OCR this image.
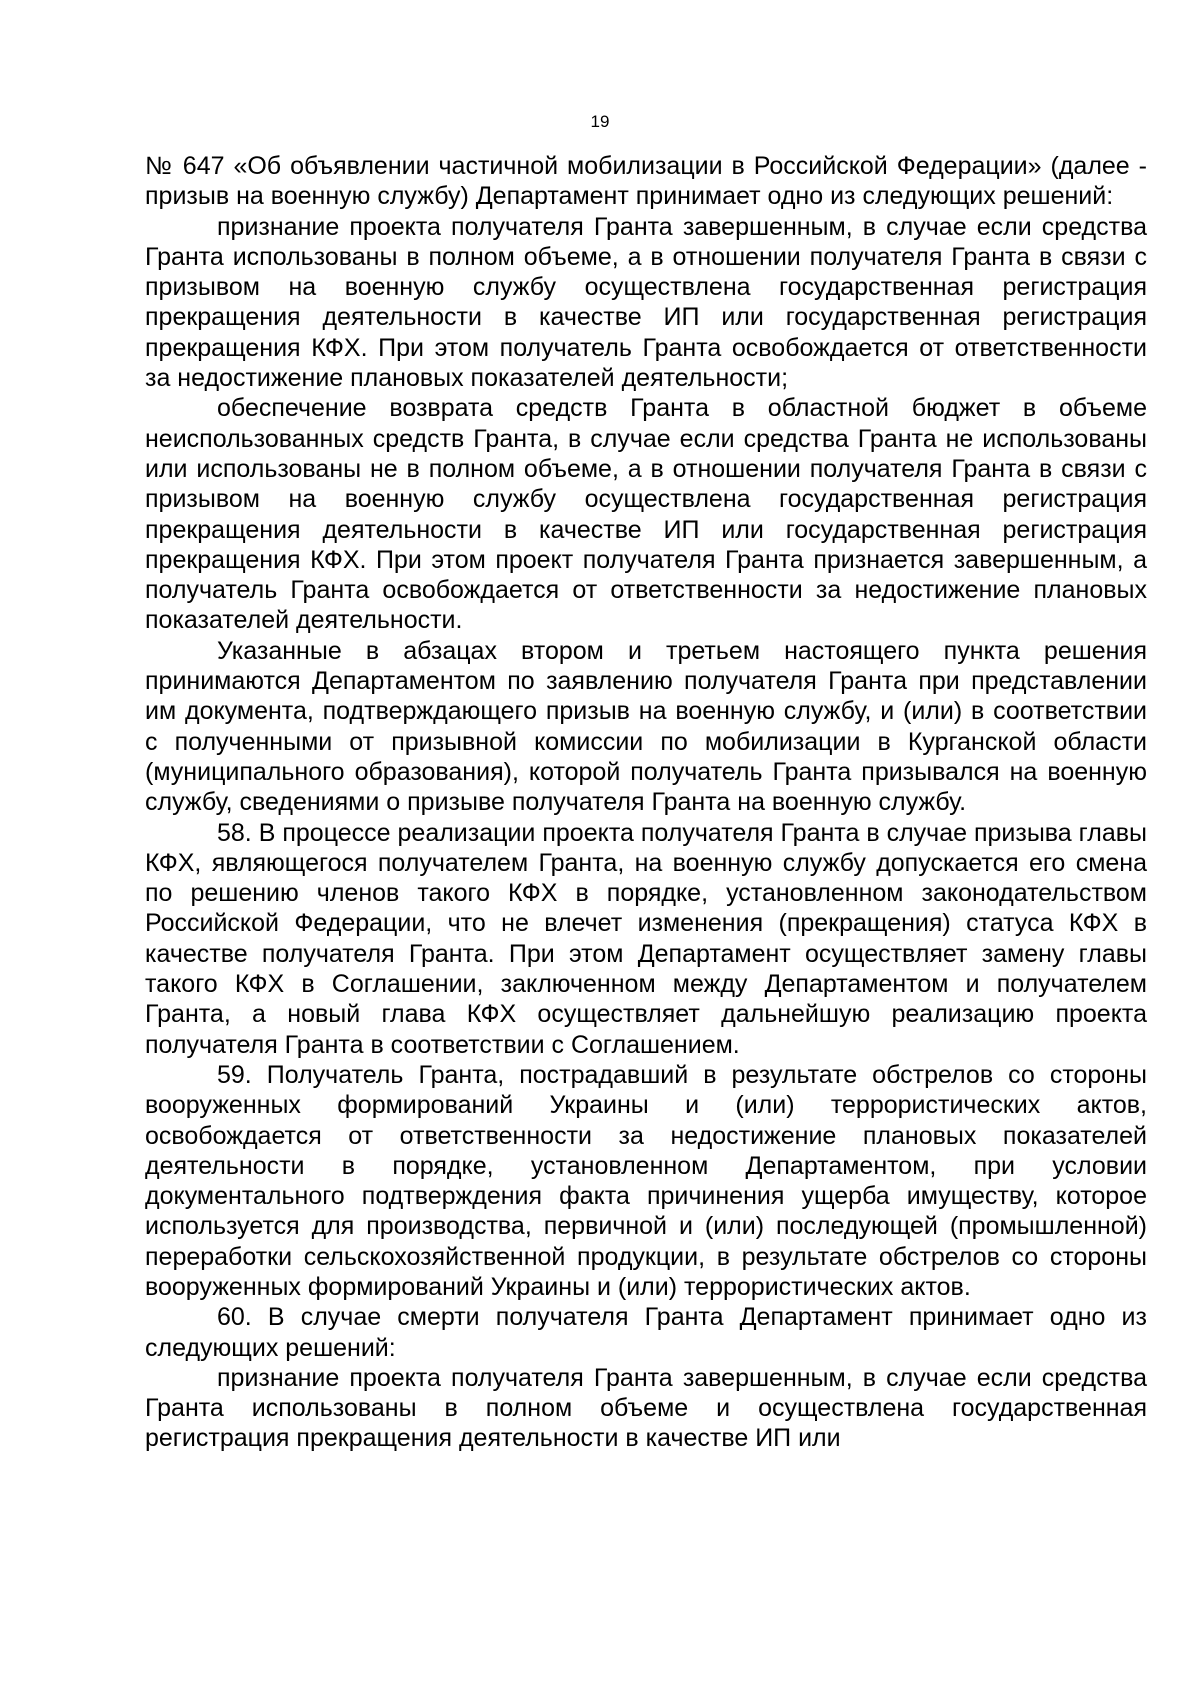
19

№ 647 «Об объявлении частичной мобилизации в Российской Федерации» (далее - призыв на военную службу) Департамент принимает одно из следующих решений:

признание проекта получателя Гранта завершенным, в случае если средства Гранта использованы в полном объеме, а в отношении получателя Гранта в связи с призывом на военную службу осуществлена государственная регистрация прекращения деятельности в качестве ИП или государственная регистрация прекращения КФХ. При этом получатель Гранта освобождается от ответственности за недостижение плановых показателей деятельности;

обеспечение возврата средств Гранта в областной бюджет в объеме неиспользованных средств Гранта, в случае если средства Гранта не использованы или использованы не в полном объеме, а в отношении получателя Гранта в связи с призывом на военную службу осуществлена государственная регистрация прекращения деятельности в качестве ИП или государственная регистрация прекращения КФХ. При этом проект получателя Гранта признается завершенным, а получатель Гранта освобождается от ответственности за недостижение плановых показателей деятельности.

Указанные в абзацах втором и третьем настоящего пункта решения принимаются Департаментом по заявлению получателя Гранта при представлении им документа, подтверждающего призыв на военную службу, и (или) в соответствии с полученными от призывной комиссии по мобилизации в Курганской области (муниципального образования), которой получатель Гранта призывался на военную службу, сведениями о призыве получателя Гранта на военную службу.

58. В процессе реализации проекта получателя Гранта в случае призыва главы КФХ, являющегося получателем Гранта, на военную службу допускается его смена по решению членов такого КФХ в порядке, установленном законодательством Российской Федерации, что не влечет изменения (прекращения) статуса КФХ в качестве получателя Гранта. При этом Департамент осуществляет замену главы такого КФХ в Соглашении, заключенном между Департаментом и получателем Гранта, а новый глава КФХ осуществляет дальнейшую реализацию проекта получателя Гранта в соответствии с Соглашением.

59. Получатель Гранта, пострадавший в результате обстрелов со стороны вооруженных формирований Украины и (или) террористических актов, освобождается от ответственности за недостижение плановых показателей деятельности в порядке, установленном Департаментом, при условии документального подтверждения факта причинения ущерба имуществу, которое используется для производства, первичной и (или) последующей (промышленной) переработки сельскохозяйственной продукции, в результате обстрелов со стороны вооруженных формирований Украины и (или) террористических актов.

60. В случае смерти получателя Гранта Департамент принимает одно из следующих решений:

признание проекта получателя Гранта завершенным, в случае если средства Гранта использованы в полном объеме и осуществлена государственная регистрация прекращения деятельности в качестве ИП или
